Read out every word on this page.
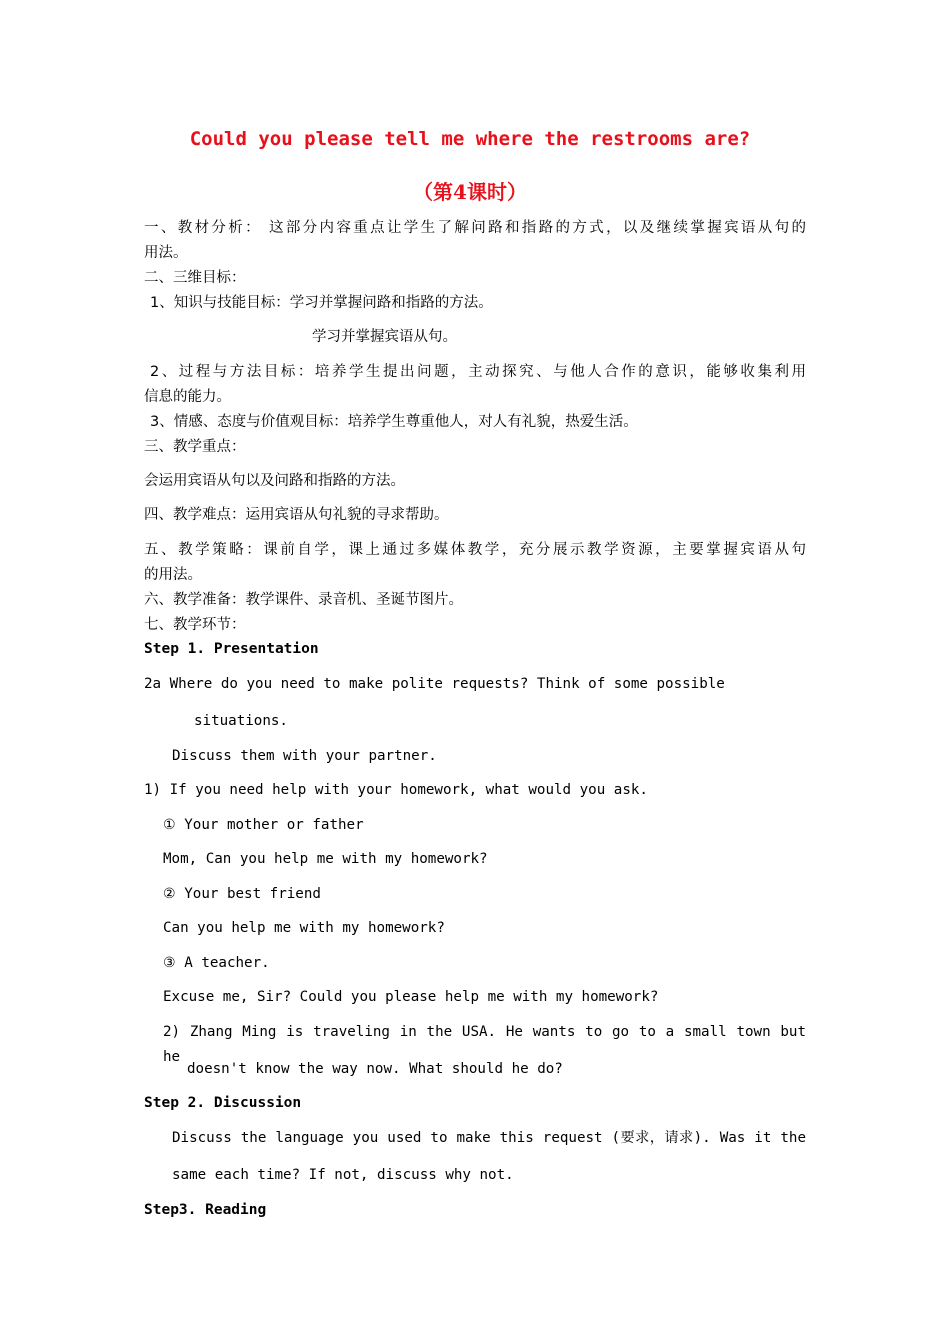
Could you please tell me where the restrooms are?
（第4课时）
一、教材分析： 这部分内容重点让学生了解问路和指路的方式，以及继续掌握宾语从句的
用法。
二、三维目标：
1、知识与技能目标：学习并掌握问路和指路的方法。
学习并掌握宾语从句。
2、过程与方法目标：培养学生提出问题，主动探究、与他人合作的意识，能够收集利用
信息的能力。
3、情感、态度与价值观目标：培养学生尊重他人，对人有礼貌，热爱生活。
三、教学重点：
会运用宾语从句以及问路和指路的方法。
四、教学难点：运用宾语从句礼貌的寻求帮助。
五、教学策略：课前自学，课上通过多媒体教学，充分展示教学资源，主要掌握宾语从句
的用法。
六、教学准备：教学课件、录音机、圣诞节图片。
七、教学环节：
Step 1. Presentation
2a Where do you need to make polite requests? Think of some possible
situations.
Discuss them with your partner.
1) If you need help with your homework, what would you ask.
① Your mother or father
Mom, Can you help me with my homework?
② Your best friend
Can you help me with my homework?
③ A teacher.
Excuse me, Sir? Could you please help me with my homework?
2) Zhang Ming is traveling in the USA. He wants to go to a small town but he
doesn't know the way now. What should he do?
Step 2. Discussion
Discuss the language you used to make this request (要求，请求). Was it the
same each time? If not, discuss why not.
Step3. Reading
